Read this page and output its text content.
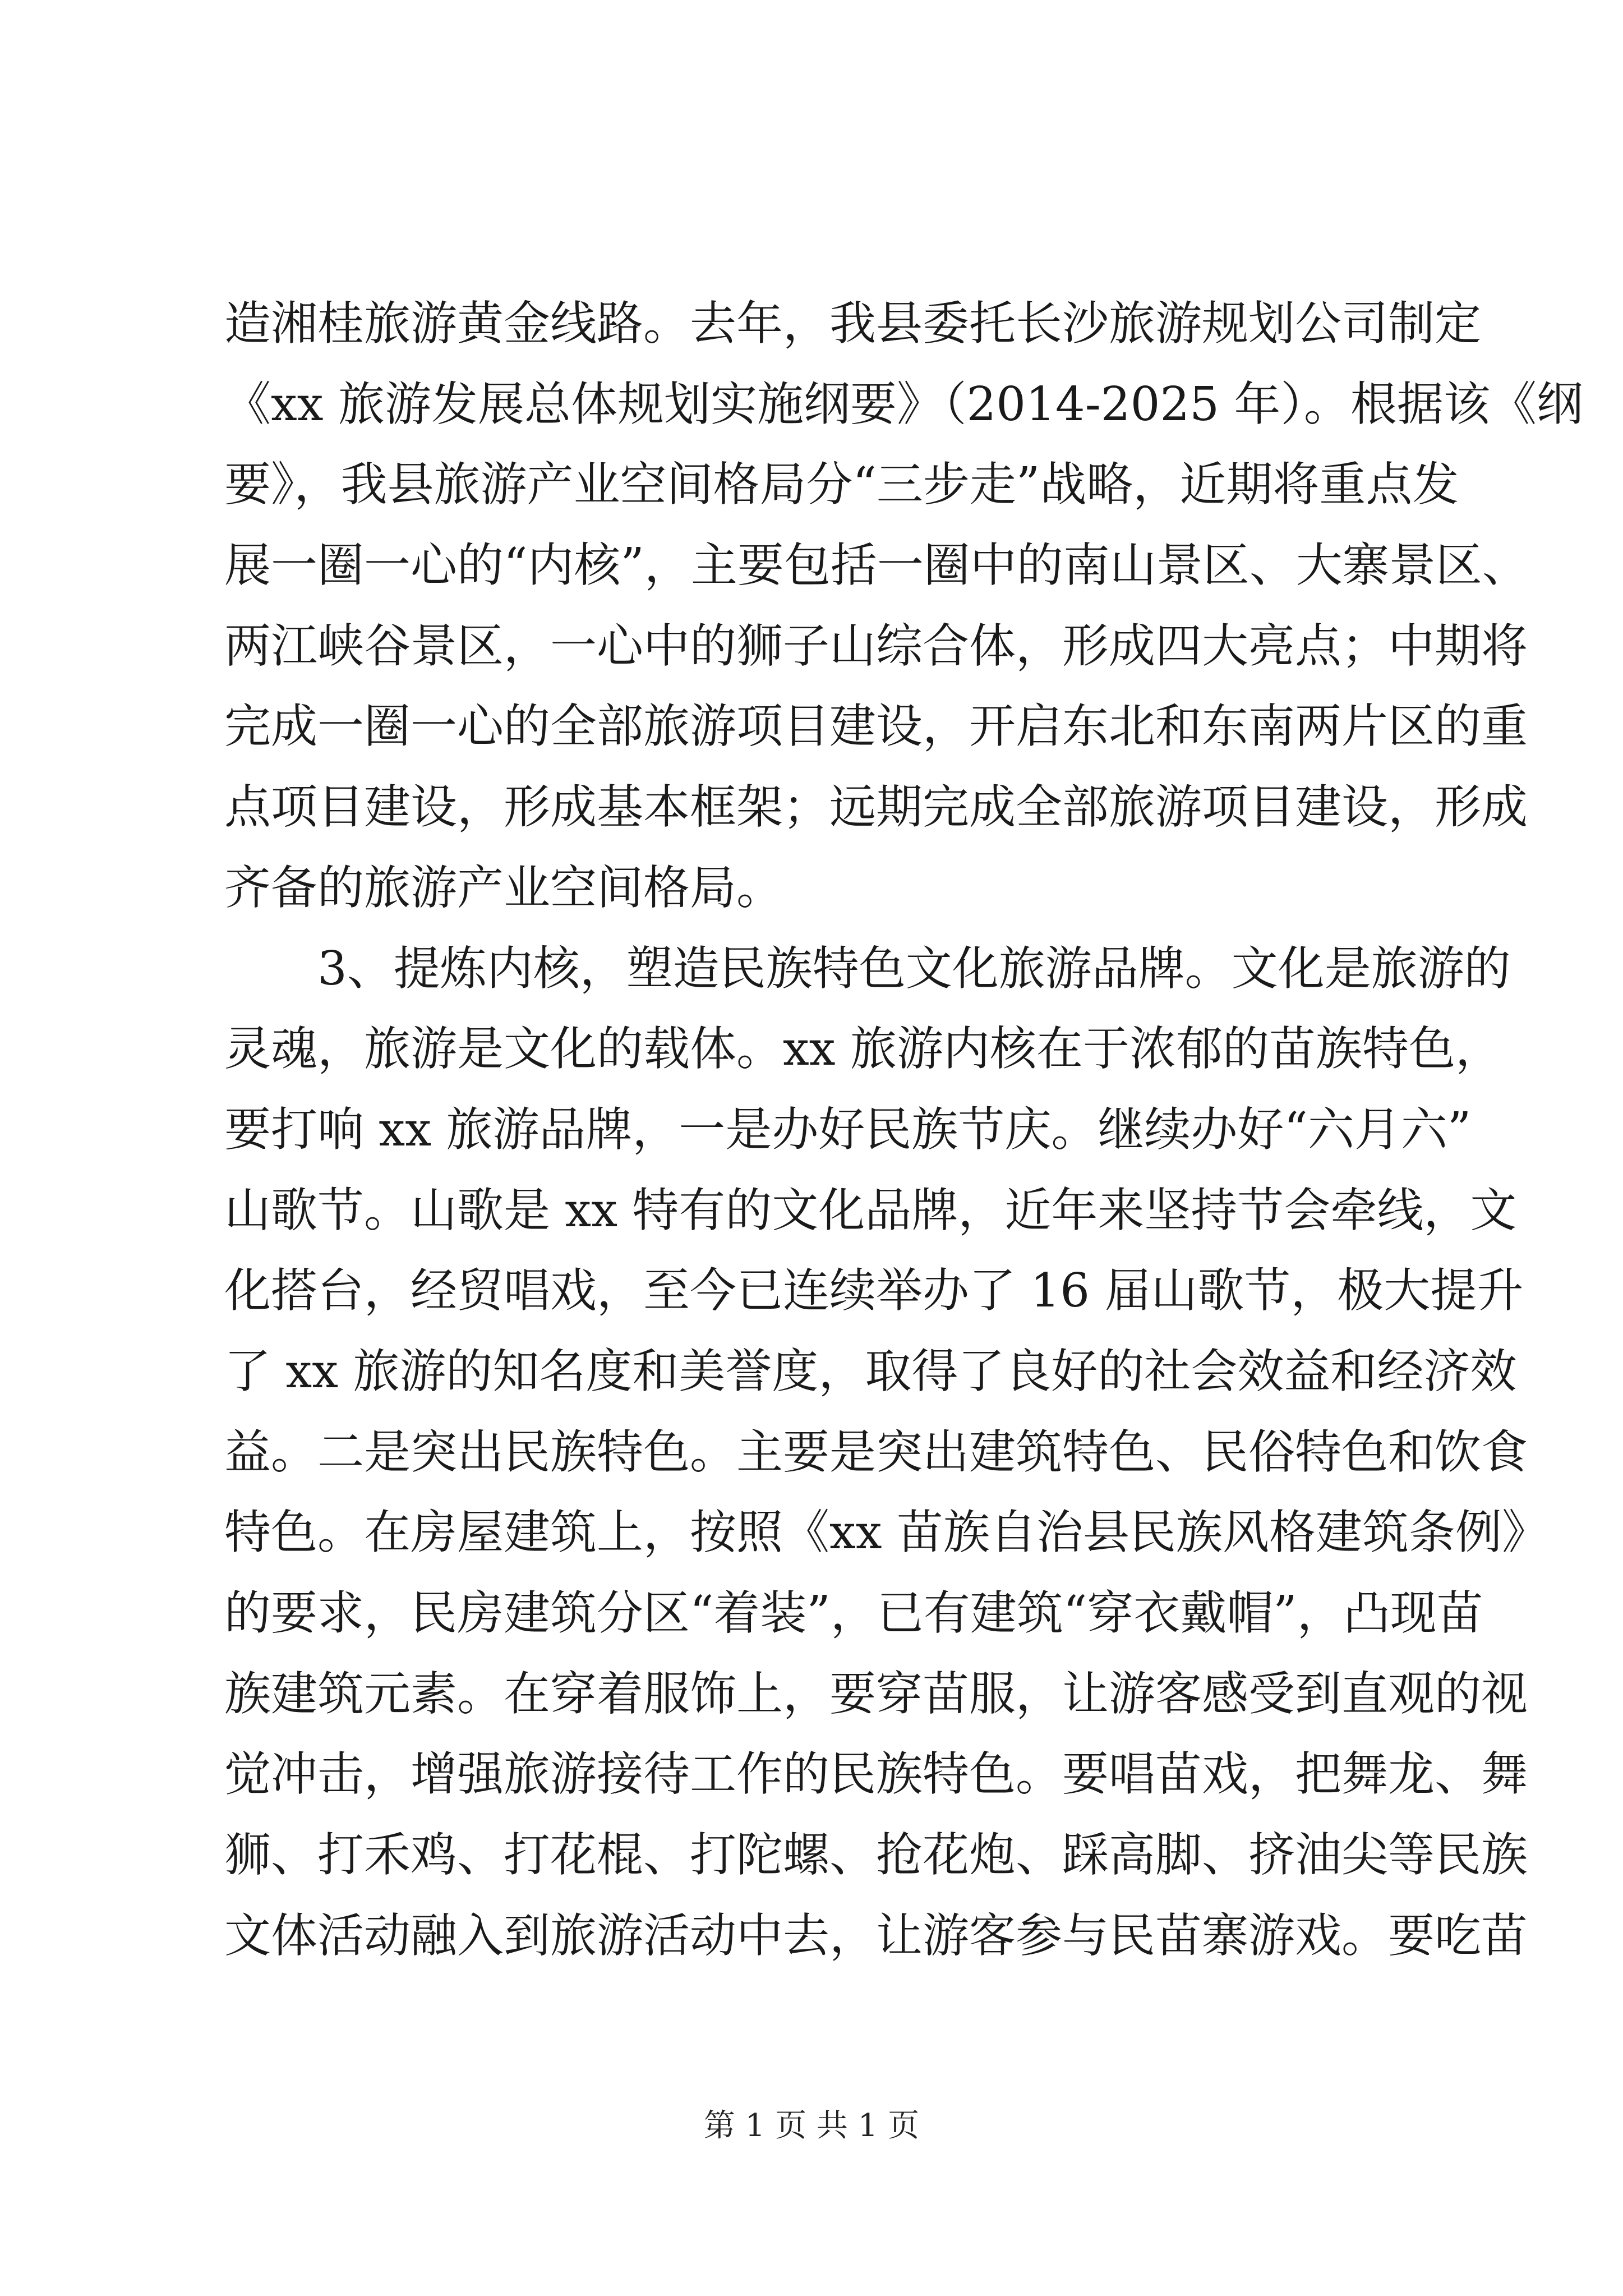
造湘桂旅游黄金线路。去年，我县委托长沙旅游规划公司制定
《xx 旅游发展总体规划实施纲要》（2014-2025 年）。根据该《纲
要》，我县旅游产业空间格局分“三步走”战略，近期将重点发
展一圈一心的“内核”，主要包括一圈中的南山景区、大寨景区、
两江峡谷景区，一心中的狮子山综合体，形成四大亮点；中期将
完成一圈一心的全部旅游项目建设，开启东北和东南两片区的重
点项目建设，形成基本框架；远期完成全部旅游项目建设，形成
齐备的旅游产业空间格局。
3、提炼内核，塑造民族特色文化旅游品牌。文化是旅游的
灵魂，旅游是文化的载体。xx 旅游内核在于浓郁的苗族特色，
要打响 xx 旅游品牌，一是办好民族节庆。继续办好“六月六”
山歌节。山歌是 xx 特有的文化品牌，近年来坚持节会牵线，文
化搭台，经贸唱戏，至今已连续举办了 16 届山歌节，极大提升
了 xx 旅游的知名度和美誉度，取得了良好的社会效益和经济效
益。二是突出民族特色。主要是突出建筑特色、民俗特色和饮食
特色。在房屋建筑上，按照《xx 苗族自治县民族风格建筑条例》
的要求，民房建筑分区“着装”，已有建筑“穿衣戴帽”，凸现苗
族建筑元素。在穿着服饰上，要穿苗服，让游客感受到直观的视
觉冲击，增强旅游接待工作的民族特色。要唱苗戏，把舞龙、舞
狮、打禾鸡、打花棍、打陀螺、抢花炮、踩高脚、挤油尖等民族
文体活动融入到旅游活动中去，让游客参与民苗寨游戏。要吃苗
第 1 页 共 1 页
